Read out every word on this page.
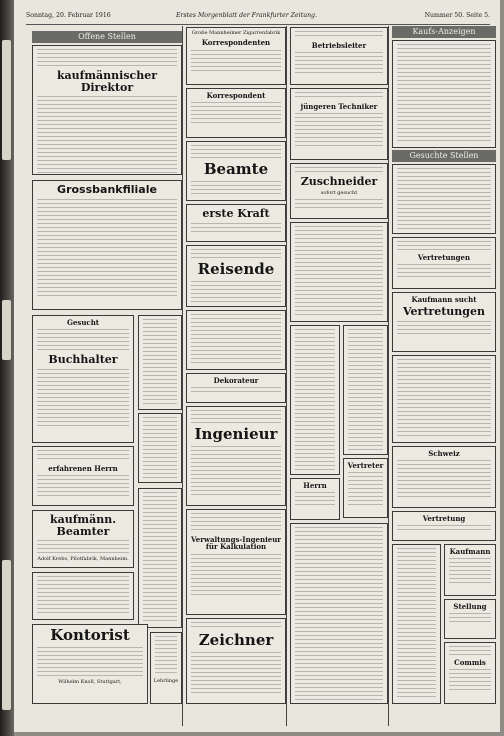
Sonntag, 20. Februar 1916	Erstes Morgenblatt der Frankfurter Zeitung.	Nummer 50. Seite 5.
Offene Stellen
Kaufs-Anzeigen
Gesuchte Stellen
kaufmännischer Direktor
Grossbankfiliale
Gesucht
Buchhalter
erfahrenen Herrn
kaufmänn. Beamter
Adolf Krebs, Pilotfabrik, Mannheim.
Kontorist
Wilhelm Knoll, Stuttgart,	Lehrlinge
Große Mannheimer Zigarrenfabrik
Korrespondenten
Korrespondent
Beamte
erste Kraft
Reisende
Dekorateur
Ingenieur
Verwaltungs-Ingenieur für Kalkulation
Zeichner
Betriebsleiter
jüngeren Techniker
Zuschneider
sofort gesucht
Herrn
Vertreter
Vertretungen
Kaufmann sucht
Vertretungen
Schweiz
Vertretung
Kaufmann
Stellung
Commis
